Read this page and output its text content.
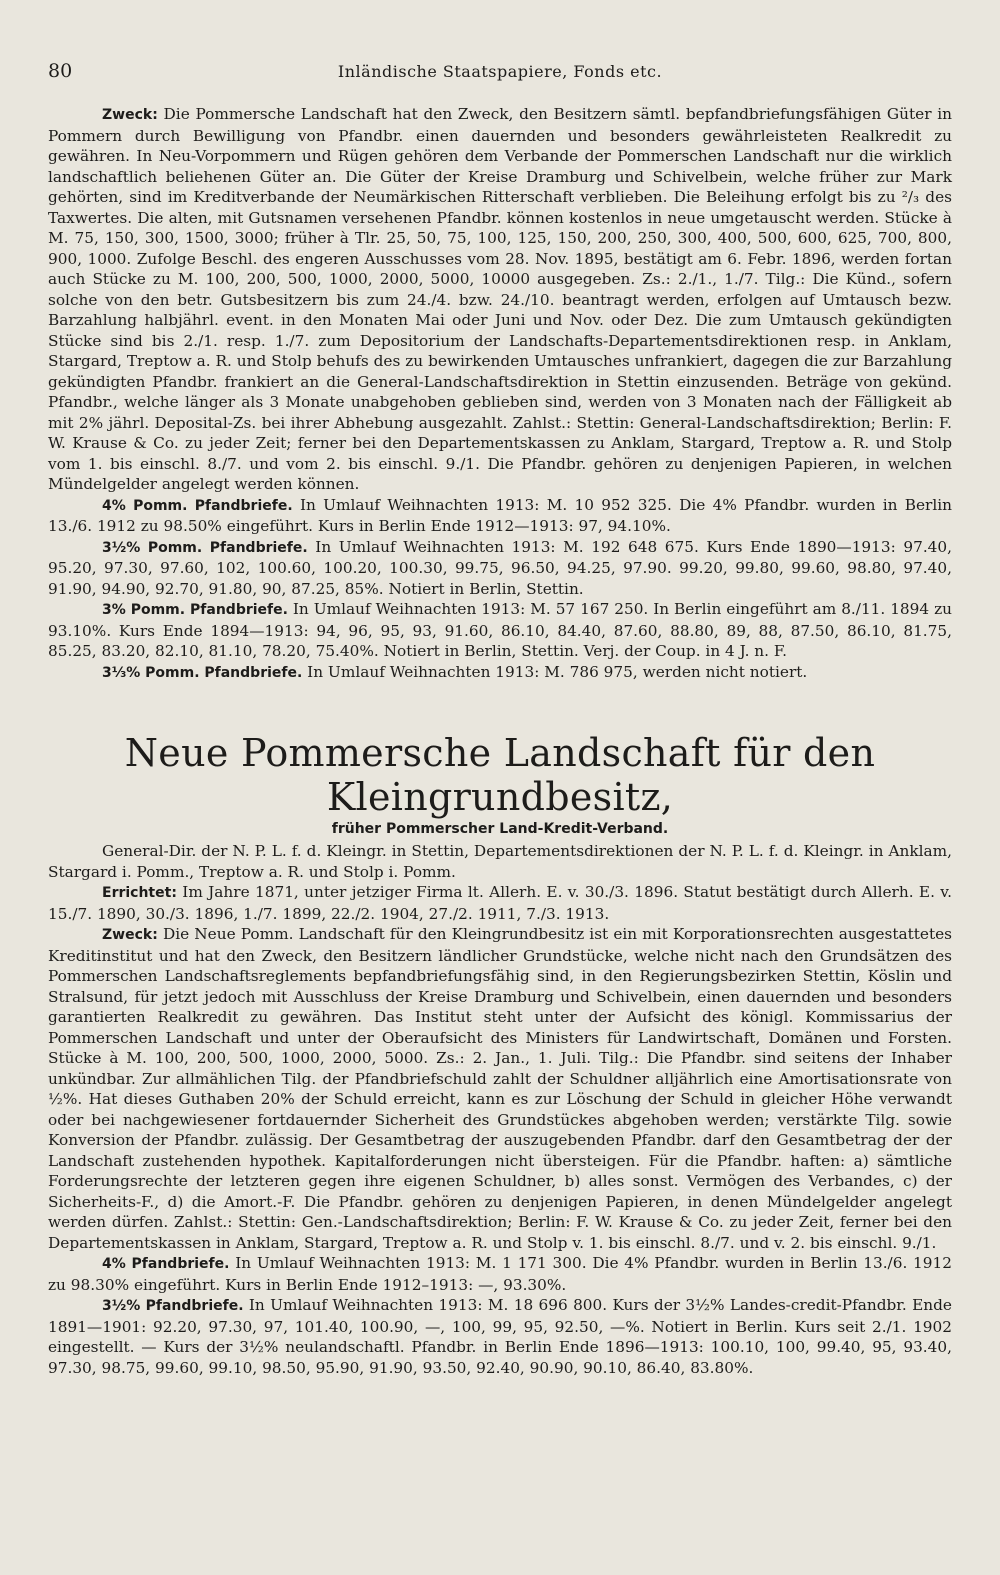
80	Inländische Staatspapiere, Fonds etc.

Zweck: Die Pommersche Landschaft hat den Zweck, den Besitzern sämtl. bepfandbriefungsfähigen Güter in Pommern durch Bewilligung von Pfandbr. einen dauernden und besonders gewährleisteten Realkredit zu gewähren. In Neu-Vorpommern und Rügen gehören dem Verbande der Pommerschen Landschaft nur die wirklich landschaftlich beliehenen Güter an. Die Güter der Kreise Dramburg und Schivelbein, welche früher zur Mark gehörten, sind im Kreditverbande der Neumärkischen Ritterschaft verblieben. Die Beleihung erfolgt bis zu ²/₃ des Taxwertes. Die alten, mit Gutsnamen versehenen Pfandbr. können kostenlos in neue umgetauscht werden. Stücke à M. 75, 150, 300, 1500, 3000; früher à Tlr. 25, 50, 75, 100, 125, 150, 200, 250, 300, 400, 500, 600, 625, 700, 800, 900, 1000. Zufolge Beschl. des engeren Ausschusses vom 28. Nov. 1895, bestätigt am 6. Febr. 1896, werden fortan auch Stücke zu M. 100, 200, 500, 1000, 2000, 5000, 10000 ausgegeben. Zs.: 2./1., 1./7. Tilg.: Die Künd., sofern solche von den betr. Gutsbesitzern bis zum 24./4. bzw. 24./10. beantragt werden, erfolgen auf Umtausch bezw. Barzahlung halbjährl. event. in den Monaten Mai oder Juni und Nov. oder Dez. Die zum Umtausch gekündigten Stücke sind bis 2./1. resp. 1./7. zum Depositorium der Landschafts-Departementsdirektionen resp. in Anklam, Stargard, Treptow a. R. und Stolp behufs des zu bewirkenden Umtausches unfrankiert, dagegen die zur Barzahlung gekündigten Pfandbr. frankiert an die General-Landschaftsdirektion in Stettin einzusenden. Beträge von gekünd. Pfandbr., welche länger als 3 Monate unabgehoben geblieben sind, werden von 3 Monaten nach der Fälligkeit ab mit 2% jährl. Deposital-Zs. bei ihrer Abhebung ausgezahlt. Zahlst.: Stettin: General-Landschaftsdirektion; Berlin: F. W. Krause & Co. zu jeder Zeit; ferner bei den Departementskassen zu Anklam, Stargard, Treptow a. R. und Stolp vom 1. bis einschl. 8./7. und vom 2. bis einschl. 9./1. Die Pfandbr. gehören zu denjenigen Papieren, in welchen Mündelgelder angelegt werden können.

4% Pomm. Pfandbriefe. In Umlauf Weihnachten 1913: M. 10 952 325. Die 4% Pfandbr. wurden in Berlin 13./6. 1912 zu 98.50% eingeführt. Kurs in Berlin Ende 1912—1913: 97, 94.10%.

3½% Pomm. Pfandbriefe. In Umlauf Weihnachten 1913: M. 192 648 675. Kurs Ende 1890—1913: 97.40, 95.20, 97.30, 97.60, 102, 100.60, 100.20, 100.30, 99.75, 96.50, 94.25, 97.90. 99.20, 99.80, 99.60, 98.80, 97.40, 91.90, 94.90, 92.70, 91.80, 90, 87.25, 85%. Notiert in Berlin, Stettin.

3% Pomm. Pfandbriefe. In Umlauf Weihnachten 1913: M. 57 167 250. In Berlin eingeführt am 8./11. 1894 zu 93.10%. Kurs Ende 1894—1913: 94, 96, 95, 93, 91.60, 86.10, 84.40, 87.60, 88.80, 89, 88, 87.50, 86.10, 81.75, 85.25, 83.20, 82.10, 81.10, 78.20, 75.40%. Notiert in Berlin, Stettin. Verj. der Coup. in 4 J. n. F.

3⅓% Pomm. Pfandbriefe. In Umlauf Weihnachten 1913: M. 786 975, werden nicht notiert.

Neue Pommersche Landschaft für den Kleingrundbesitz,
früher Pommerscher Land-Kredit-Verband.

General-Dir. der N. P. L. f. d. Kleingr. in Stettin, Departementsdirektionen der N. P. L. f. d. Kleingr. in Anklam, Stargard i. Pomm., Treptow a. R. und Stolp i. Pomm.

Errichtet: Im Jahre 1871, unter jetziger Firma lt. Allerh. E. v. 30./3. 1896. Statut bestätigt durch Allerh. E. v. 15./7. 1890, 30./3. 1896, 1./7. 1899, 22./2. 1904, 27./2. 1911, 7./3. 1913.

Zweck: Die Neue Pomm. Landschaft für den Kleingrundbesitz ist ein mit Korporationsrechten ausgestattetes Kreditinstitut und hat den Zweck, den Besitzern ländlicher Grundstücke, welche nicht nach den Grundsätzen des Pommerschen Landschaftsreglements bepfandbriefungsfähig sind, in den Regierungsbezirken Stettin, Köslin und Stralsund, für jetzt jedoch mit Ausschluss der Kreise Dramburg und Schivelbein, einen dauernden und besonders garantierten Realkredit zu gewähren. Das Institut steht unter der Aufsicht des königl. Kommissarius der Pommerschen Landschaft und unter der Oberaufsicht des Ministers für Landwirtschaft, Domänen und Forsten. Stücke à M. 100, 200, 500, 1000, 2000, 5000. Zs.: 2. Jan., 1. Juli. Tilg.: Die Pfandbr. sind seitens der Inhaber unkündbar. Zur allmählichen Tilg. der Pfandbriefschuld zahlt der Schuldner alljährlich eine Amortisationsrate von ½%. Hat dieses Guthaben 20% der Schuld erreicht, kann es zur Löschung der Schuld in gleicher Höhe verwandt oder bei nachgewiesener fortdauernder Sicherheit des Grundstückes abgehoben werden; verstärkte Tilg. sowie Konversion der Pfandbr. zulässig. Der Gesamtbetrag der auszugebenden Pfandbr. darf den Gesamtbetrag der der Landschaft zustehenden hypothek. Kapitalforderungen nicht übersteigen. Für die Pfandbr. haften: a) sämtliche Forderungsrechte der letzteren gegen ihre eigenen Schuldner, b) alles sonst. Vermögen des Verbandes, c) der Sicherheits-F., d) die Amort.-F. Die Pfandbr. gehören zu denjenigen Papieren, in denen Mündelgelder angelegt werden dürfen. Zahlst.: Stettin: Gen.-Landschaftsdirektion; Berlin: F. W. Krause & Co. zu jeder Zeit, ferner bei den Departementskassen in Anklam, Stargard, Treptow a. R. und Stolp v. 1. bis einschl. 8./7. und v. 2. bis einschl. 9./1.

4% Pfandbriefe. In Umlauf Weihnachten 1913: M. 1 171 300. Die 4% Pfandbr. wurden in Berlin 13./6. 1912 zu 98.30% eingeführt. Kurs in Berlin Ende 1912–1913: —, 93.30%.

3½% Pfandbriefe. In Umlauf Weihnachten 1913: M. 18 696 800. Kurs der 3½% Landes-credit-Pfandbr. Ende 1891—1901: 92.20, 97.30, 97, 101.40, 100.90, —, 100, 99, 95, 92.50, —%. Notiert in Berlin. Kurs seit 2./1. 1902 eingestellt. — Kurs der 3½% neulandschaftl. Pfandbr. in Berlin Ende 1896—1913: 100.10, 100, 99.40, 95, 93.40, 97.30, 98.75, 99.60, 99.10, 98.50, 95.90, 91.90, 93.50, 92.40, 90.90, 90.10, 86.40, 83.80%.
